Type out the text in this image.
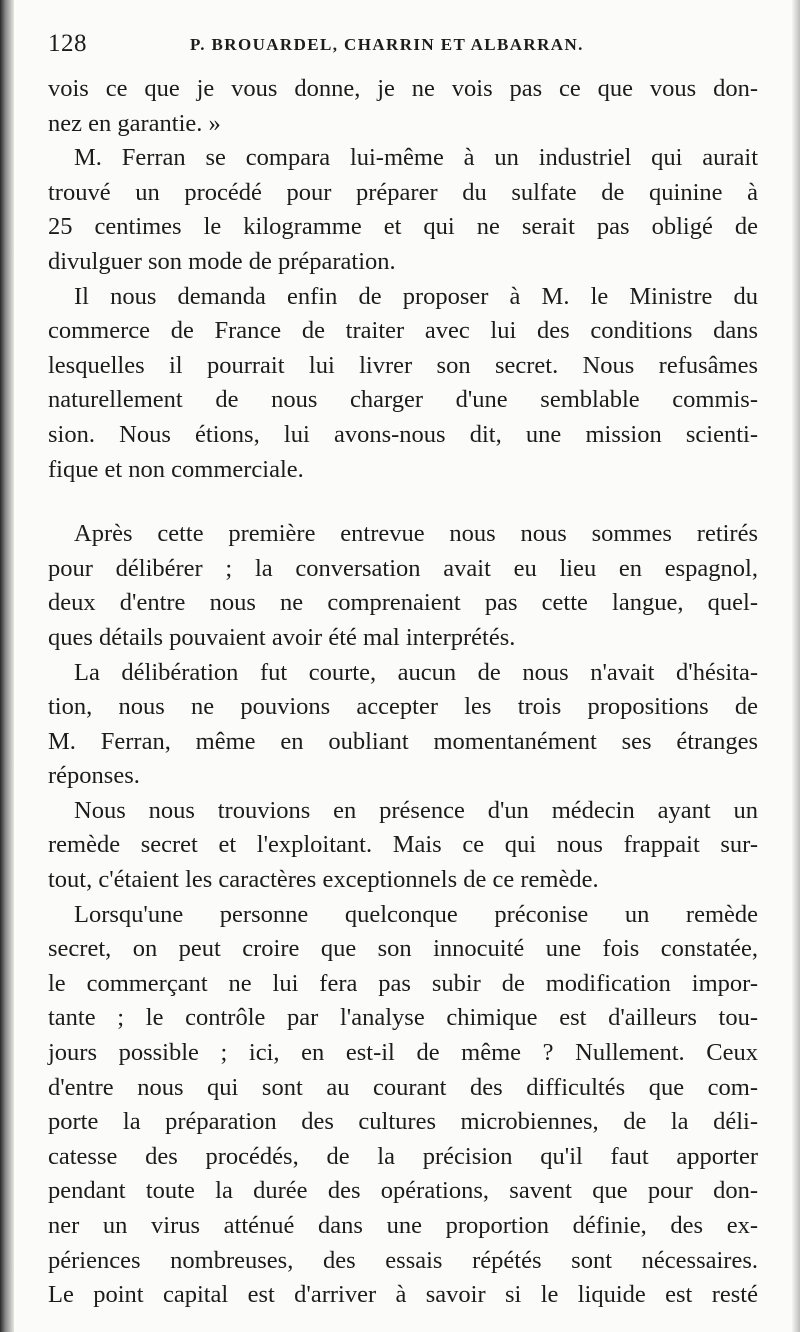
128	P. BROUARDEL, CHARRIN ET ALBARRAN.
vois ce que je vous donne, je ne vois pas ce que vous don-
nez en garantie. »
M. Ferran se compara lui-même à un industriel qui aurait
trouvé un procédé pour préparer du sulfate de quinine à
25 centimes le kilogramme et qui ne serait pas obligé de
divulguer son mode de préparation.
Il nous demanda enfin de proposer à M. le Ministre du
commerce de France de traiter avec lui des conditions dans
lesquelles il pourrait lui livrer son secret. Nous refusâmes
naturellement de nous charger d'une semblable commis-
sion. Nous étions, lui avons-nous dit, une mission scienti-
fique et non commerciale.
Après cette première entrevue nous nous sommes retirés
pour délibérer ; la conversation avait eu lieu en espagnol,
deux d'entre nous ne comprenaient pas cette langue, quel-
ques détails pouvaient avoir été mal interprétés.
La délibération fut courte, aucun de nous n'avait d'hésita-
tion, nous ne pouvions accepter les trois propositions de
M. Ferran, même en oubliant momentanément ses étranges
réponses.
Nous nous trouvions en présence d'un médecin ayant un
remède secret et l'exploitant. Mais ce qui nous frappait sur-
tout, c'étaient les caractères exceptionnels de ce remède.
Lorsqu'une personne quelconque préconise un remède
secret, on peut croire que son innocuité une fois constatée,
le commerçant ne lui fera pas subir de modification impor-
tante ; le contrôle par l'analyse chimique est d'ailleurs tou-
jours possible ; ici, en est-il de même ? Nullement. Ceux
d'entre nous qui sont au courant des difficultés que com-
porte la préparation des cultures microbiennes, de la déli-
catesse des procédés, de la précision qu'il faut apporter
pendant toute la durée des opérations, savent que pour don-
ner un virus atténué dans une proportion définie, des ex-
périences nombreuses, des essais répétés sont nécessaires.
Le point capital est d'arriver à savoir si le liquide est resté
